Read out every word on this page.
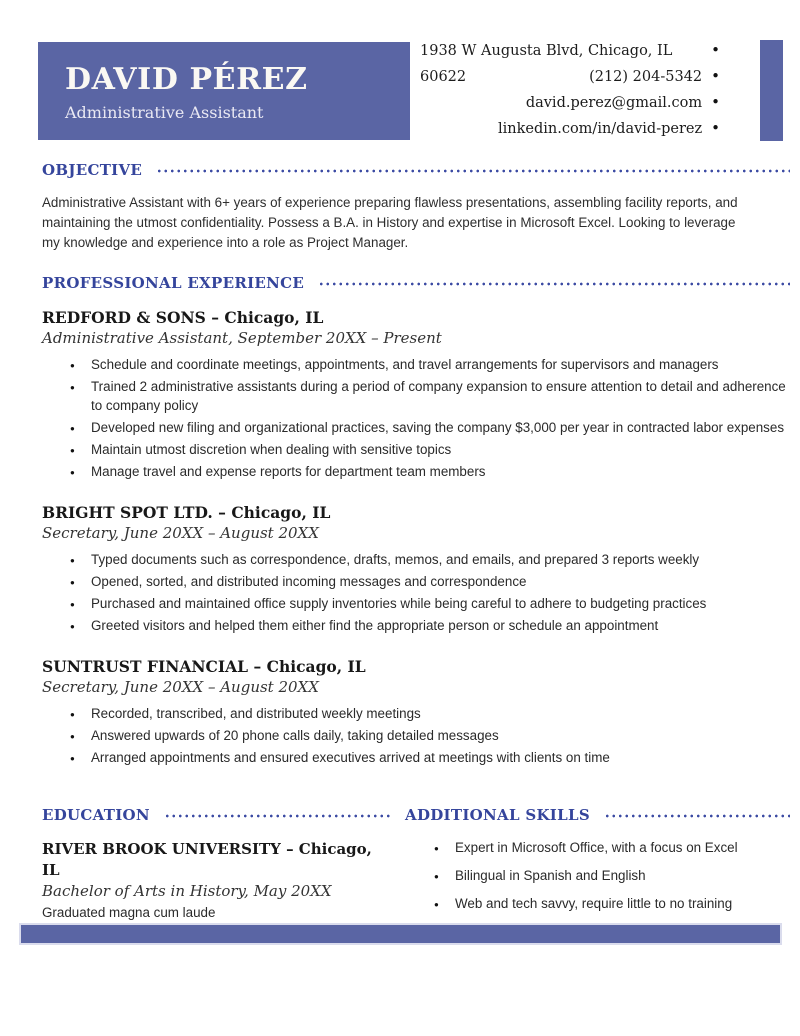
DAVID PÉREZ
Administrative Assistant
1938 W Augusta Blvd, Chicago, IL 60622
•
(212) 204-5342 •
david.perez@gmail.com •
linkedin.com/in/david-perez •
OBJECTIVE

Administrative Assistant with 6+ years of experience preparing flawless presentations, assembling facility reports, and maintaining the utmost confidentiality. Possess a B.A. in History and expertise in Microsoft Excel. Looking to leverage my knowledge and experience into a role as Project Manager.

PROFESSIONAL EXPERIENCE
REDFORD & SONS – Chicago, IL
Administrative Assistant, September 20XX – Present
● Schedule and coordinate meetings, appointments, and travel arrangements for supervisors and managers
● Trained 2 administrative assistants during a period of company expansion to ensure attention to detail and adherence to company policy
● Developed new filing and organizational practices, saving the company $3,000 per year in contracted labor expenses
● Maintain utmost discretion when dealing with sensitive topics
● Manage travel and expense reports for department team members
BRIGHT SPOT LTD. – Chicago, IL
Secretary, June 20XX – August 20XX
● Typed documents such as correspondence, drafts, memos, and emails, and prepared 3 reports weekly
● Opened, sorted, and distributed incoming messages and correspondence
● Purchased and maintained office supply inventories while being careful to adhere to budgeting practices
● Greeted visitors and helped them either find the appropriate person or schedule an appointment
SUNTRUST FINANCIAL – Chicago, IL
Secretary, June 20XX – August 20XX
● Recorded, transcribed, and distributed weekly meetings
● Answered upwards of 20 phone calls daily, taking detailed messages
● Arranged appointments and ensured executives arrived at meetings with clients on time
EDUCATION
RIVER BROOK UNIVERSITY – Chicago, IL
Bachelor of Arts in History, May 20XX
Graduated magna cum laude
ADDITIONAL SKILLS
● Expert in Microsoft Office, with a focus on Excel
● Bilingual in Spanish and English
● Web and tech savvy, require little to no training
